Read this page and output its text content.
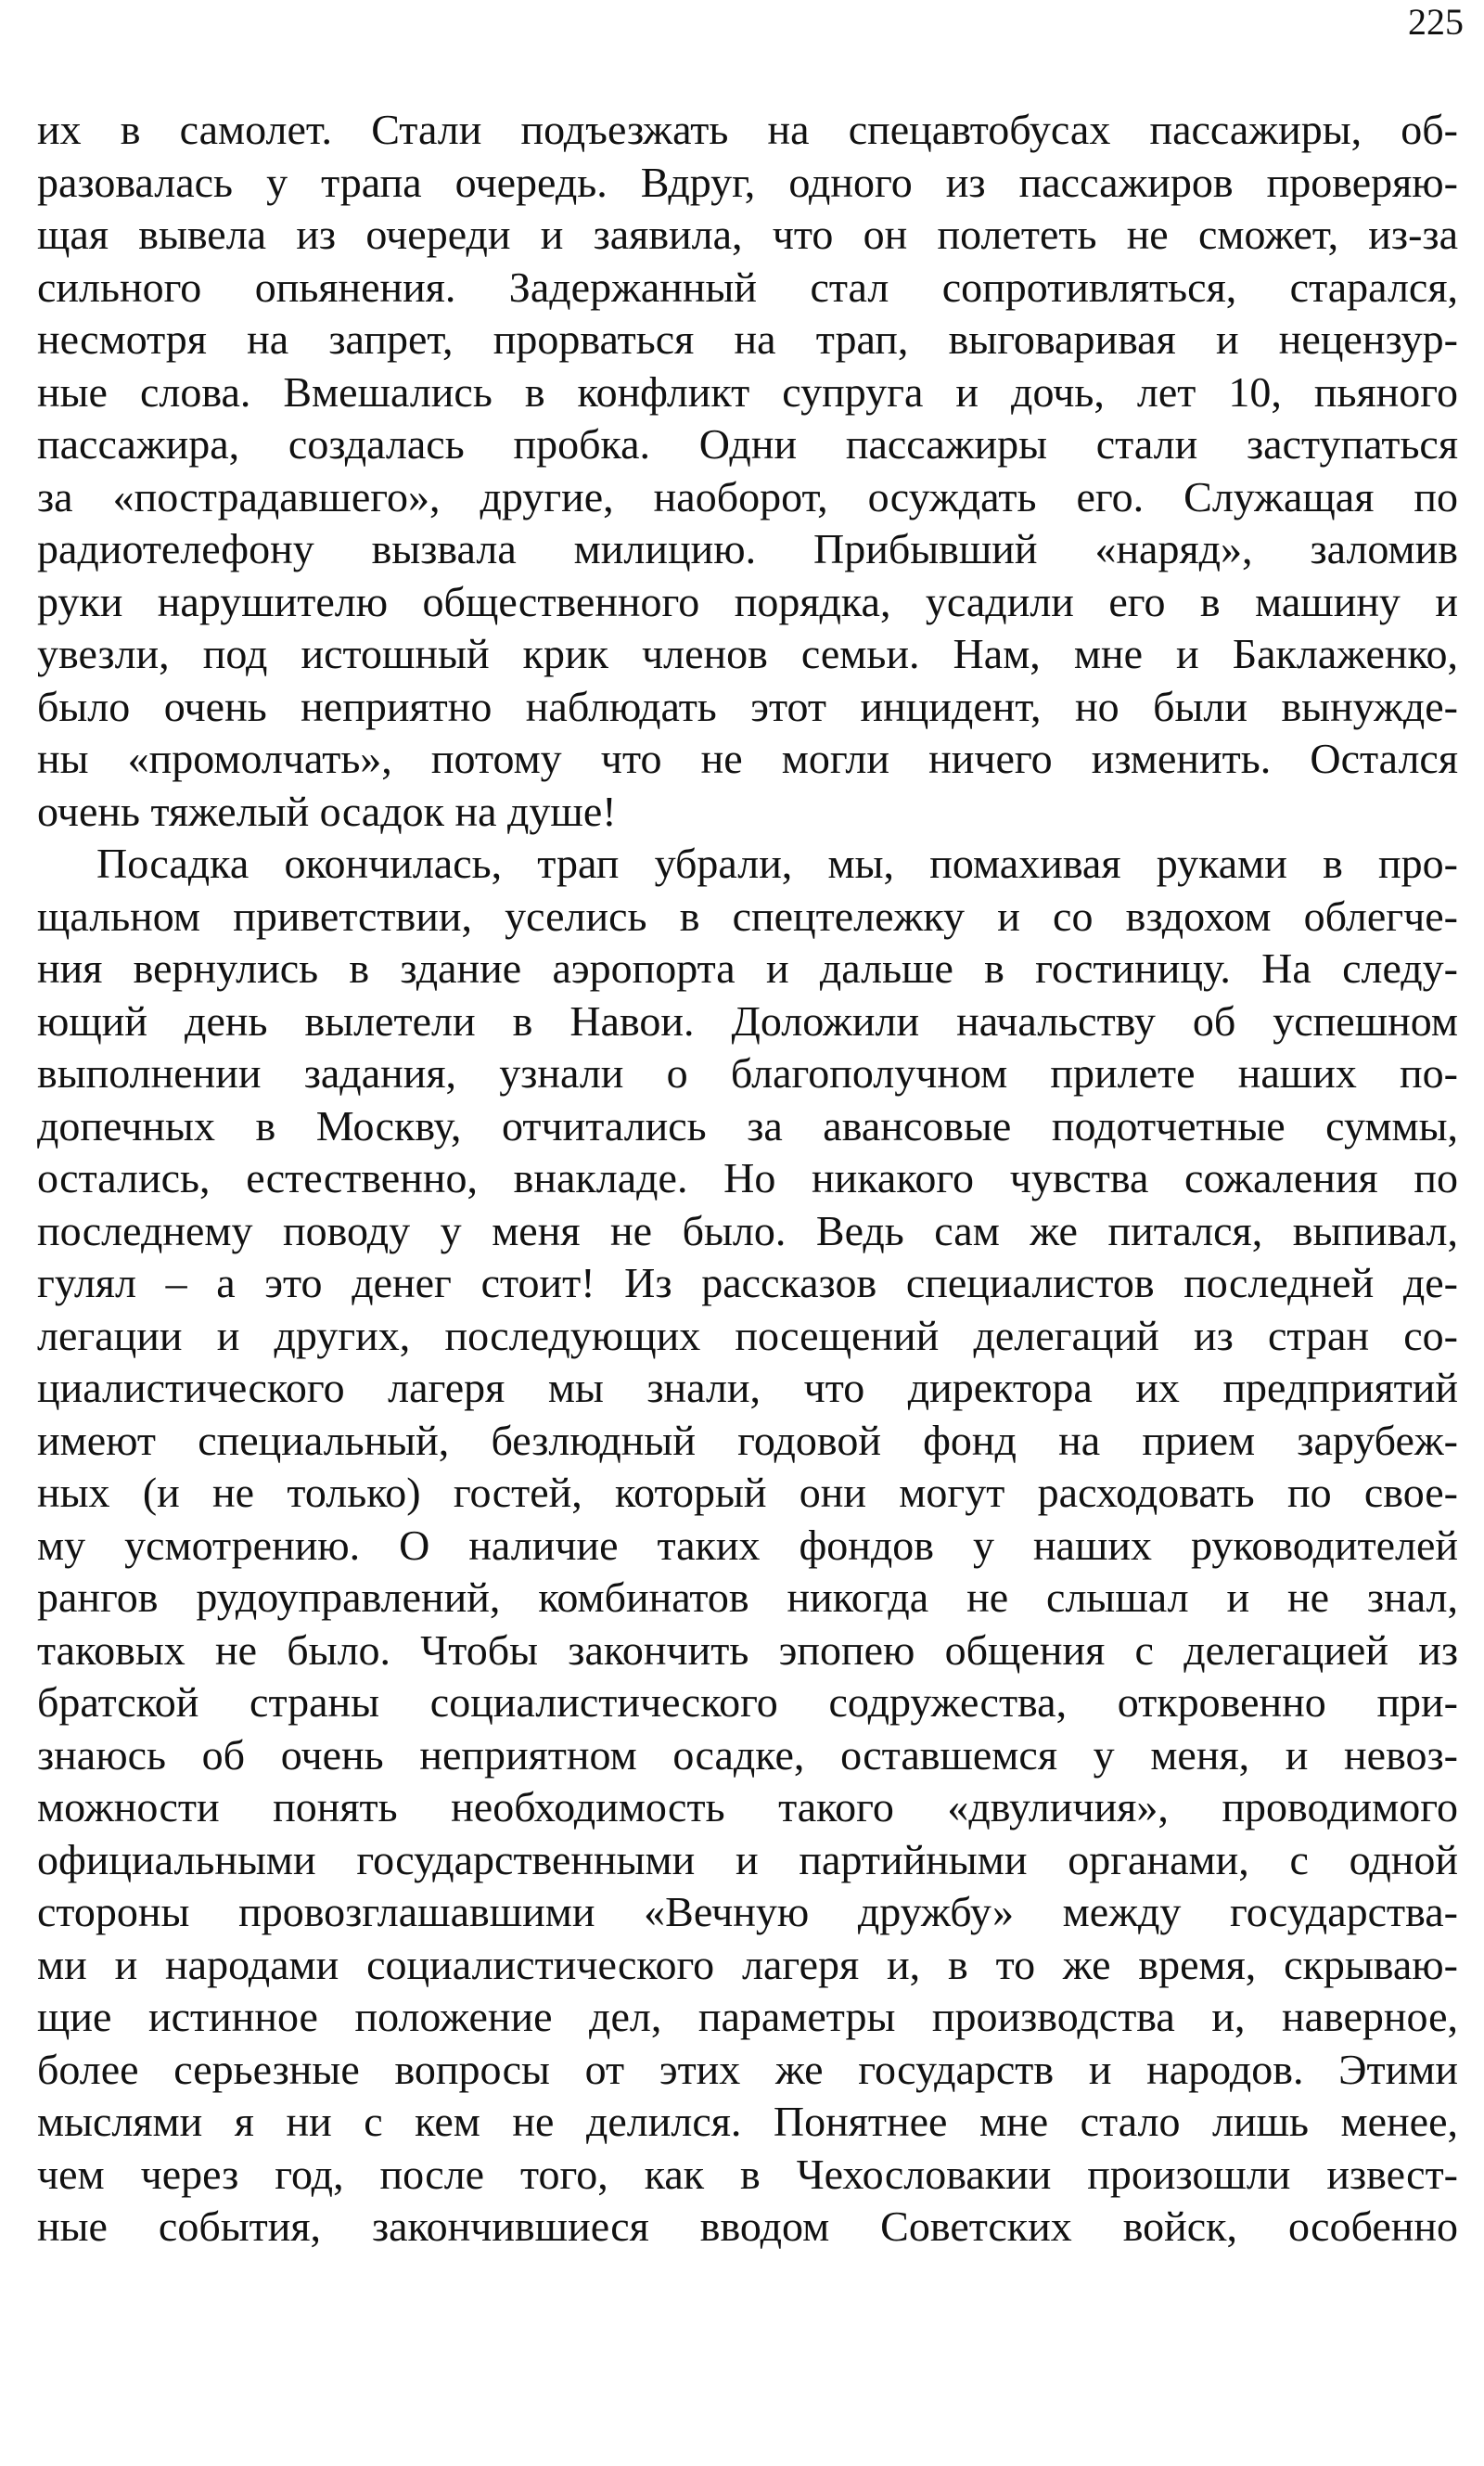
225
их в самолет. Стали подъезжать на спецавтобусах пассажиры, об-
разовалась у трапа очередь. Вдруг, одного из пассажиров проверяю-
щая вывела из очереди и заявила, что он полететь не сможет, из-за
сильного опьянения. Задержанный стал сопротивляться, старался,
несмотря на запрет, прорваться на трап, выговаривая и нецензур-
ные слова. Вмешались в конфликт супруга и дочь, лет 10, пьяного
пассажира, создалась пробка. Одни пассажиры стали заступаться
за «пострадавшего», другие, наоборот, осуждать его. Служащая по
радиотелефону вызвала милицию. Прибывший «наряд», заломив
руки нарушителю общественного порядка, усадили его в машину и
увезли, под истошный крик членов семьи. Нам, мне и Баклаженко,
было очень неприятно наблюдать этот инцидент, но были вынужде-
ны «промолчать», потому что не могли ничего изменить. Остался
очень тяжелый осадок на душе!
Посадка окончилась, трап убрали, мы, помахивая руками в про-
щальном приветствии, уселись в спецтележку и со вздохом облегче-
ния вернулись в здание аэропорта и дальше в гостиницу. На следу-
ющий день вылетели в Навои. Доложили начальству об успешном
выполнении задания, узнали о благополучном прилете наших по-
допечных в Москву, отчитались за авансовые подотчетные суммы,
остались, естественно, внакладе. Но никакого чувства сожаления по
последнему поводу у меня не было. Ведь сам же питался, выпивал,
гулял – а это денег стоит! Из рассказов специалистов последней де-
легации и других, последующих посещений делегаций из стран со-
циалистического лагеря мы знали, что директора их предприятий
имеют специальный, безлюдный годовой фонд на прием зарубеж-
ных (и не только) гостей, который они могут расходовать по свое-
му усмотрению. О наличие таких фондов у наших руководителей
рангов рудоуправлений, комбинатов никогда не слышал и не знал,
таковых не было. Чтобы закончить эпопею общения с делегацией из
братской страны социалистического содружества, откровенно при-
знаюсь об очень неприятном осадке, оставшемся у меня, и невоз-
можности понять необходимость такого «двуличия», проводимого
официальными государственными и партийными органами, с одной
стороны провозглашавшими «Вечную дружбу» между государства-
ми и народами социалистического лагеря и, в то же время, скрываю-
щие истинное положение дел, параметры производства и, наверное,
более серьезные вопросы от этих же государств и народов. Этими
мыслями я ни с кем не делился. Понятнее мне стало лишь менее,
чем через год, после того, как в Чехословакии произошли извест-
ные события, закончившиеся вводом Советских войск, особенно
